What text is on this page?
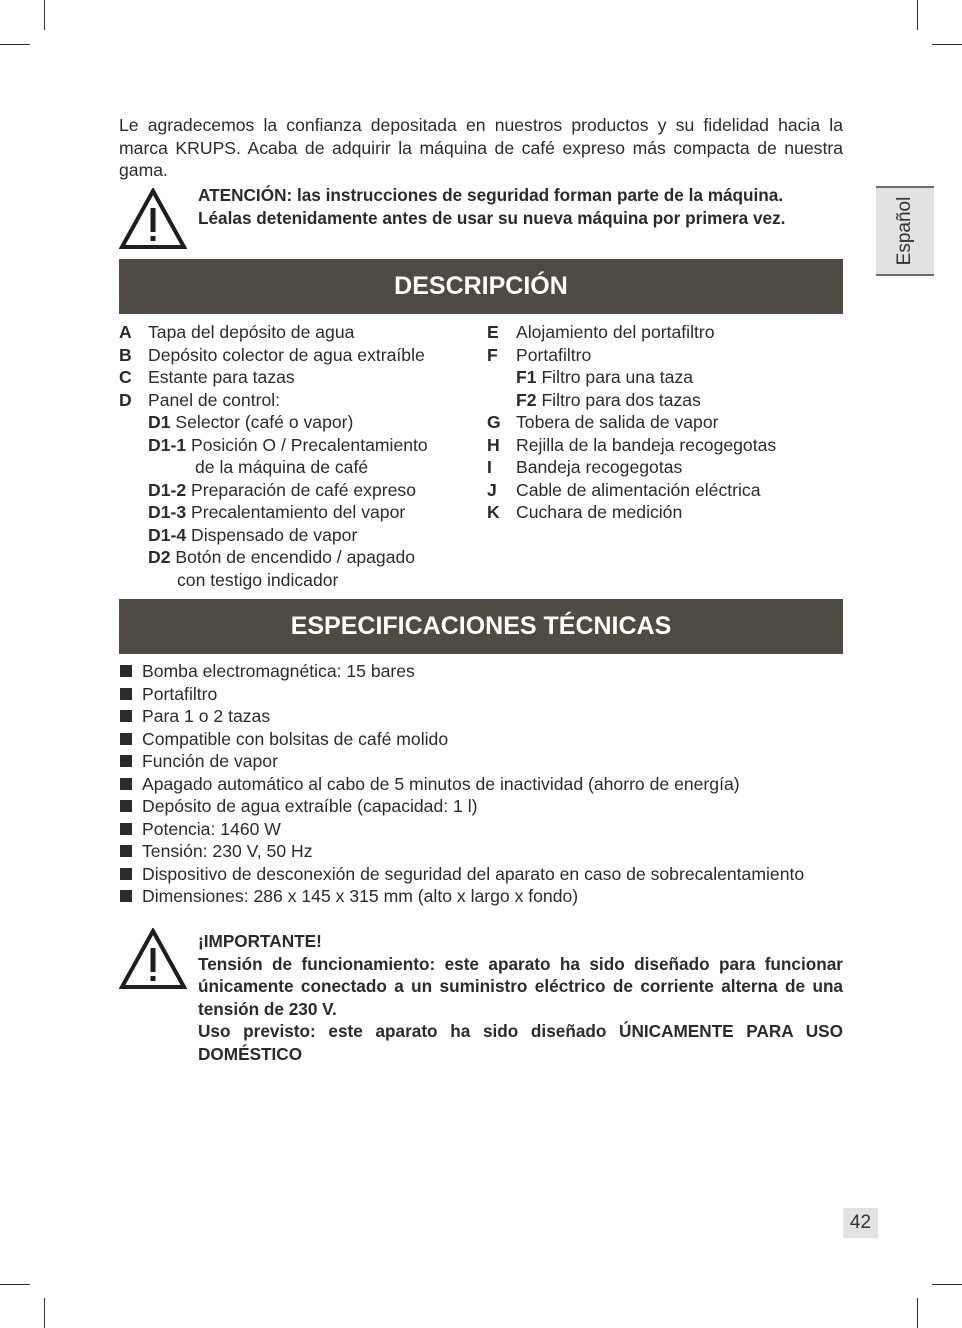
Le agradecemos la confianza depositada en nuestros productos y su fidelidad hacia la marca KRUPS. Acaba de adquirir la máquina de café expreso más compacta de nuestra gama.

ATENCIÓN: las instrucciones de seguridad forman parte de la máquina.

Léalas detenidamente antes de usar su nueva máquina por primera vez.

DESCRIPCIÓN
A Tapa del depósito de agua
B Depósito colector de agua extraíble
C Estante para tazas
D Panel de control:
D1 Selector (café o vapor)
D1-1 Posición O / Precalentamiento
de la máquina de café
D1-2 Preparación de café expreso
D1-3 Precalentamiento del vapor
D1-4 Dispensado de vapor
D2 Botón de encendido / apagado
con testigo indicador
E Alojamiento del portafiltro
F Portafiltro
F1 Filtro para una taza
F2 Filtro para dos tazas
G Tobera de salida de vapor
H Rejilla de la bandeja recogegotas
I Bandeja recogegotas
J Cable de alimentación eléctrica
K Cuchara de medición
ESPECIFICACIONES TÉCNICAS
Bomba electromagnética: 15 bares
Portafiltro
Para 1 o 2 tazas
Compatible con bolsitas de café molido
Función de vapor
Apagado automático al cabo de 5 minutos de inactividad (ahorro de energía)
Depósito de agua extraíble (capacidad: 1 l)
Potencia: 1460 W
Tensión: 230 V, 50 Hz
Dispositivo de desconexión de seguridad del aparato en caso de sobrecalentamiento
Dimensiones: 286 x 145 x 315 mm (alto x largo x fondo)

¡IMPORTANTE!

Tensión de funcionamiento: este aparato ha sido diseñado para funcionar únicamente conectado a un suministro eléctrico de corriente alterna de una tensión de 230 V.

Uso previsto: este aparato ha sido diseñado ÚNICAMENTE PARA USO DOMÉSTICO

Español
42
